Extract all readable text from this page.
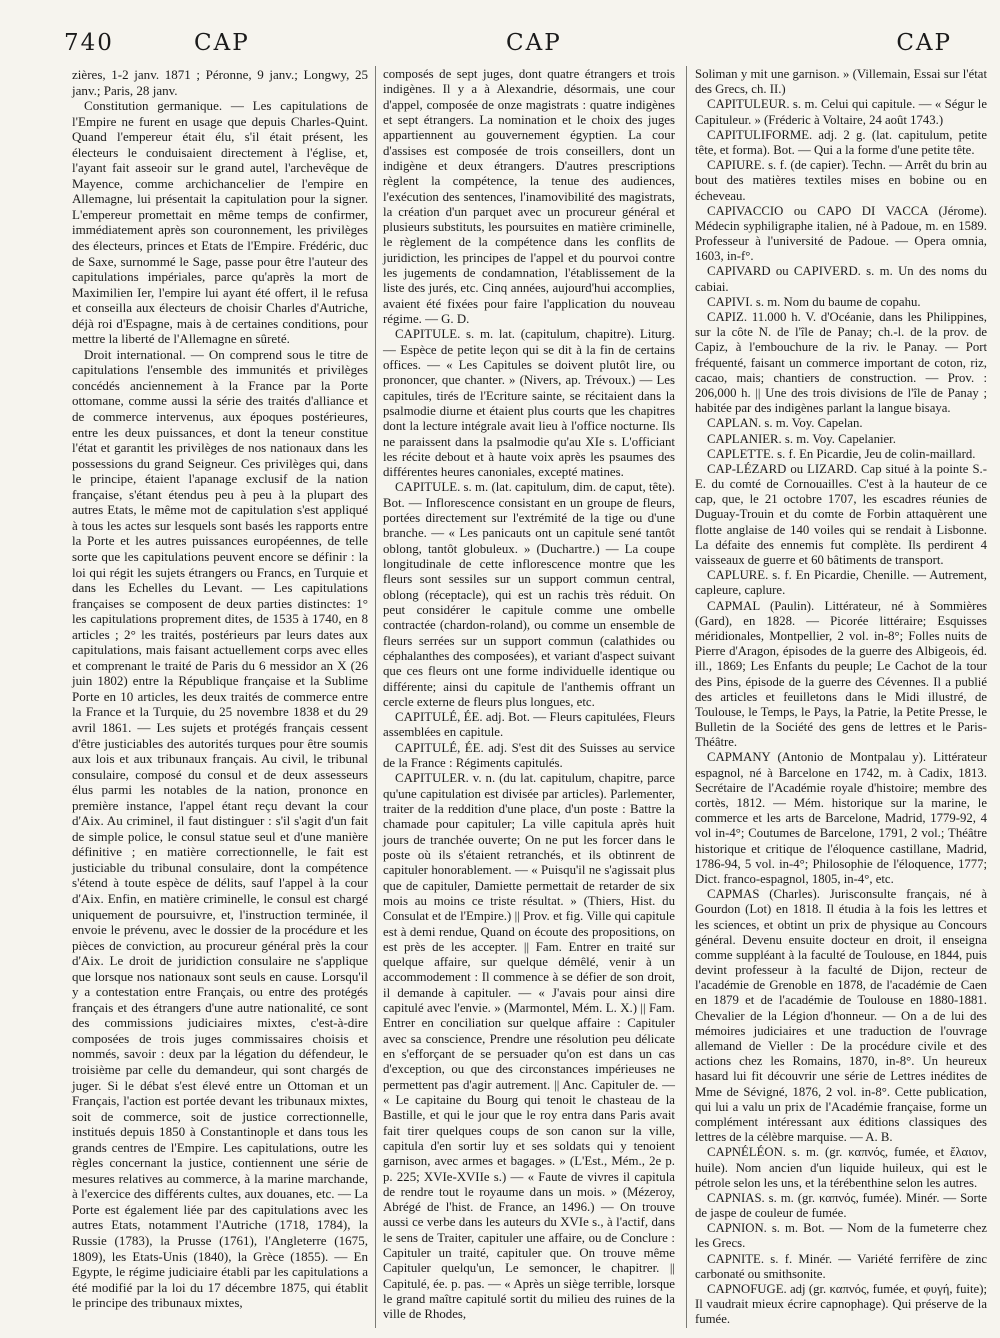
740	CAP	CAP	CAP

zières, 1-2 janv. 1871 ; Péronne, 9 janv.; Longwy, 25 janv.; Paris, 28 janv.

Constitution germanique. — Les capitulations de l'Empire ne furent en usage que depuis Charles-Quint. Quand l'empereur était élu, s'il était présent, les électeurs le conduisaient directement à l'église, et, l'ayant fait asseoir sur le grand autel, l'archevêque de Mayence, comme archichancelier de l'empire en Allemagne, lui présentait la capitulation pour la signer. L'empereur promettait en même temps de confirmer, immédiatement après son couronnement, les privilèges des électeurs, princes et Etats de l'Empire. Frédéric, duc de Saxe, surnommé le Sage, passe pour être l'auteur des capitulations impériales, parce qu'après la mort de Maximilien Ier, l'empire lui ayant été offert, il le refusa et conseilla aux électeurs de choisir Charles d'Autriche, déjà roi d'Espagne, mais à de certaines conditions, pour mettre la liberté de l'Allemagne en sûreté.

Droit international. — On comprend sous le titre de capitulations l'ensemble des immunités et privilèges concédés anciennement à la France par la Porte ottomane, comme aussi la série des traités d'alliance et de commerce intervenus, aux époques postérieures, entre les deux puissances, et dont la teneur constitue l'état et garantit les privilèges de nos nationaux dans les possessions du grand Seigneur. Ces privilèges qui, dans le principe, étaient l'apanage exclusif de la nation française, s'étant étendus peu à peu à la plupart des autres Etats, le même mot de capitulation s'est appliqué à tous les actes sur lesquels sont basés les rapports entre la Porte et les autres puissances européennes, de telle sorte que les capitulations peuvent encore se définir : la loi qui régit les sujets étrangers ou Francs, en Turquie et dans les Echelles du Levant. — Les capitulations françaises se composent de deux parties distinctes: 1° les capitulations proprement dites, de 1535 à 1740, en 8 articles ; 2° les traités, postérieurs par leurs dates aux capitulations, mais faisant actuellement corps avec elles et comprenant le traité de Paris du 6 messidor an X (26 juin 1802) entre la République française et la Sublime Porte en 10 articles, les deux traités de commerce entre la France et la Turquie, du 25 novembre 1838 et du 29 avril 1861. — Les sujets et protégés français cessent d'être justiciables des autorités turques pour être soumis aux lois et aux tribunaux français. Au civil, le tribunal consulaire, composé du consul et de deux assesseurs élus parmi les notables de la nation, prononce en première instance, l'appel étant reçu devant la cour d'Aix. Au criminel, il faut distinguer : s'il s'agit d'un fait de simple police, le consul statue seul et d'une manière définitive ; en matière correctionnelle, le fait est justiciable du tribunal consulaire, dont la compétence s'étend à toute espèce de délits, sauf l'appel à la cour d'Aix. Enfin, en matière criminelle, le consul est chargé uniquement de poursuivre, et, l'instruction terminée, il envoie le prévenu, avec le dossier de la procédure et les pièces de conviction, au procureur général près la cour d'Aix. Le droit de juridiction consulaire ne s'applique que lorsque nos nationaux sont seuls en cause. Lorsqu'il y a contestation entre Français, ou entre des protégés français et des étrangers d'une autre nationalité, ce sont des commissions judiciaires mixtes, c'est-à-dire composées de trois juges commissaires choisis et nommés, savoir : deux par la légation du défendeur, le troisième par celle du demandeur, qui sont chargés de juger. Si le débat s'est élevé entre un Ottoman et un Français, l'action est portée devant les tribunaux mixtes, soit de commerce, soit de justice correctionnelle, institués depuis 1850 à Constantinople et dans tous les grands centres de l'Empire. Les capitulations, outre les règles concernant la justice, contiennent une série de mesures relatives au commerce, à la marine marchande, à l'exercice des différents cultes, aux douanes, etc. — La Porte est également liée par des capitulations avec les autres Etats, notamment l'Autriche (1718, 1784), la Russie (1783), la Prusse (1761), l'Angleterre (1675, 1809), les Etats-Unis (1840), la Grèce (1855). — En Egypte, le régime judiciaire établi par les capitulations a été modifié par la loi du 17 décembre 1875, qui établit le principe des tribunaux mixtes,

composés de sept juges, dont quatre étrangers et trois indigènes. Il y a à Alexandrie, désormais, une cour d'appel, composée de onze magistrats : quatre indigènes et sept étrangers. La nomination et le choix des juges appartiennent au gouvernement égyptien. La cour d'assises est composée de trois conseillers, dont un indigène et deux étrangers. D'autres prescriptions règlent la compétence, la tenue des audiences, l'exécution des sentences, l'inamovibilité des magistrats, la création d'un parquet avec un procureur général et plusieurs substituts, les poursuites en matière criminelle, le règlement de la compétence dans les conflits de juridiction, les principes de l'appel et du pourvoi contre les jugements de condamnation, l'établissement de la liste des jurés, etc. Cinq années, aujourd'hui accomplies, avaient été fixées pour faire l'application du nouveau régime. — G. D.

CAPITULE. s. m. lat. (capitulum, chapitre). Liturg. — Espèce de petite leçon qui se dit à la fin de certains offices. — « Les Capitules se doivent plutôt lire, ou prononcer, que chanter. » (Nivers, ap. Trévoux.) — Les capitules, tirés de l'Ecriture sainte, se récitaient dans la psalmodie diurne et étaient plus courts que les chapitres dont la lecture intégrale avait lieu à l'office nocturne. Ils ne paraissent dans la psalmodie qu'au XIe s. L'officiant les récite debout et à haute voix après les psaumes des différentes heures canoniales, excepté matines.

CAPITULE. s. m. (lat. capitulum, dim. de caput, tête). Bot. — Inflorescence consistant en un groupe de fleurs, portées directement sur l'extrémité de la tige ou d'une branche. — « Les panicauts ont un capitule sené tantôt oblong, tantôt globuleux. » (Duchartre.) — La coupe longitudinale de cette inflorescence montre que les fleurs sont sessiles sur un support commun central, oblong (réceptacle), qui est un rachis très réduit. On peut considérer le capitule comme une ombelle contractée (chardon-roland), ou comme un ensemble de fleurs serrées sur un support commun (calathides ou céphalanthes des composées), et variant d'aspect suivant que ces fleurs ont une forme individuelle identique ou différente; ainsi du capitule de l'anthemis offrant un cercle externe de fleurs plus longues, etc.

CAPITULÉ, ÉE. adj. Bot. — Fleurs capitulées, Fleurs assemblées en capitule.

CAPITULÉ, ÉE. adj. S'est dit des Suisses au service de la France : Régiments capitulés.

CAPITULER. v. n. (du lat. capitulum, chapitre, parce qu'une capitulation est divisée par articles). Parlementer, traiter de la reddition d'une place, d'un poste : Battre la chamade pour capituler; La ville capitula après huit jours de tranchée ouverte; On ne put les forcer dans le poste où ils s'étaient retranchés, et ils obtinrent de capituler honorablement. — « Puisqu'il ne s'agissait plus que de capituler, Damiette permettait de retarder de six mois au moins ce triste résultat. » (Thiers, Hist. du Consulat et de l'Empire.) || Prov. et fig. Ville qui capitule est à demi rendue, Quand on écoute des propositions, on est près de les accepter. || Fam. Entrer en traité sur quelque affaire, sur quelque démêlé, venir à un accommodement : Il commence à se défier de son droit, il demande à capituler. — « J'avais pour ainsi dire capitulé avec l'envie. » (Marmontel, Mém. L. X.) || Fam. Entrer en conciliation sur quelque affaire : Capituler avec sa conscience, Prendre une résolution peu délicate en s'efforçant de se persuader qu'on est dans un cas d'exception, ou que des circonstances impérieuses ne permettent pas d'agir autrement. || Anc. Capituler de. — « Le capitaine du Bourg qui tenoit le chasteau de la Bastille, et qui le jour que le roy entra dans Paris avait fait tirer quelques coups de son canon sur la ville, capitula d'en sortir luy et ses soldats qui y tenoient garnison, avec armes et bagages. » (L'Est., Mém., 2e p. p. 225; XVIe-XVIIe s.) — « Faute de vivres il capitula de rendre tout le royaume dans un mois. » (Mézeroy, Abrégé de l'hist. de France, an 1496.) — On trouve aussi ce verbe dans les auteurs du XVIe s., à l'actif, dans le sens de Traiter, capituler une affaire, ou de Conclure : Capituler un traité, capituler que. On trouve même Capituler quelqu'un, Le semoncer, le chapitrer. || Capitulé, ée. p. pas. — « Après un siège terrible, lorsque le grand maître capitulé sortit du milieu des ruines de la ville de Rhodes,

Soliman y mit une garnison. » (Villemain, Essai sur l'état des Grecs, ch. II.)

CAPITULEUR. s. m. Celui qui capitule. — « Ségur le Capituleur. » (Fréderic à Voltaire, 24 août 1743.)

CAPITULIFORME. adj. 2 g. (lat. capitulum, petite tête, et forma). Bot. — Qui a la forme d'une petite tête.

CAPIURE. s. f. (de capier). Techn. — Arrêt du brin au bout des matières textiles mises en bobine ou en écheveau.

CAPIVACCIO ou CAPO DI VACCA (Jérome). Médecin syphiligraphe italien, né à Padoue, m. en 1589. Professeur à l'université de Padoue. — Opera omnia, 1603, in-f°.

CAPIVARD ou CAPIVERD. s. m. Un des noms du cabiai.

CAPIVI. s. m. Nom du baume de copahu.

CAPIZ. 11.000 h. V. d'Océanie, dans les Philippines, sur la côte N. de l'île de Panay; ch.-l. de la prov. de Capiz, à l'embouchure de la riv. le Panay. — Port fréquenté, faisant un commerce important de coton, riz, cacao, mais; chantiers de construction. — Prov. : 206,000 h. || Une des trois divisions de l'île de Panay ; habitée par des indigènes parlant la langue bisaya.

CAPLAN. s. m. Voy. Capelan.

CAPLANIER. s. m. Voy. Capelanier.

CAPLETTE. s. f. En Picardie, Jeu de colin-maillard.

CAP-LÉZARD ou LIZARD. Cap situé à la pointe S.-E. du comté de Cornouailles. C'est à la hauteur de ce cap, que, le 21 octobre 1707, les escadres réunies de Duguay-Trouin et du comte de Forbin attaquèrent une flotte anglaise de 140 voiles qui se rendait à Lisbonne. La défaite des ennemis fut complète. Ils perdirent 4 vaisseaux de guerre et 60 bâtiments de transport.

CAPLURE. s. f. En Picardie, Chenille. — Autrement, capleure, caplure.

CAPMAL (Paulin). Littérateur, né à Sommières (Gard), en 1828. — Picorée littéraire; Esquisses méridionales, Montpellier, 2 vol. in-8°; Folles nuits de Pierre d'Aragon, épisodes de la guerre des Albigeois, éd. ill., 1869; Les Enfants du peuple; Le Cachot de la tour des Pins, épisode de la guerre des Cévennes. Il a publié des articles et feuilletons dans le Midi illustré, de Toulouse, le Temps, le Pays, la Patrie, la Petite Presse, le Bulletin de la Société des gens de lettres et le Paris-Théâtre.

CAPMANY (Antonio de Montpalau y). Littérateur espagnol, né à Barcelone en 1742, m. à Cadix, 1813. Secrétaire de l'Académie royale d'histoire; membre des cortès, 1812. — Mém. historique sur la marine, le commerce et les arts de Barcelone, Madrid, 1779-92, 4 vol in-4°; Coutumes de Barcelone, 1791, 2 vol.; Théâtre historique et critique de l'éloquence castillane, Madrid, 1786-94, 5 vol. in-4°; Philosophie de l'éloquence, 1777; Dict. franco-espagnol, 1805, in-4°, etc.

CAPMAS (Charles). Jurisconsulte français, né à Gourdon (Lot) en 1818. Il étudia à la fois les lettres et les sciences, et obtint un prix de physique au Concours général. Devenu ensuite docteur en droit, il enseigna comme suppléant à la faculté de Toulouse, en 1844, puis devint professeur à la faculté de Dijon, recteur de l'académie de Grenoble en 1878, de l'académie de Caen en 1879 et de l'académie de Toulouse en 1880-1881. Chevalier de la Légion d'honneur. — On a de lui des mémoires judiciaires et une traduction de l'ouvrage allemand de Vieller : De la procédure civile et des actions chez les Romains, 1870, in-8°. Un heureux hasard lui fit découvrir une série de Lettres inédites de Mme de Sévigné, 1876, 2 vol. in-8°. Cette publication, qui lui a valu un prix de l'Académie française, forme un complément intéressant aux éditions classiques des lettres de la célèbre marquise. — A. B.

CAPNÉLÉON. s. m. (gr. καπνός, fumée, et ἔλαιον, huile). Nom ancien d'un liquide huileux, qui est le pétrole selon les uns, et la térébenthine selon les autres.

CAPNIAS. s. m. (gr. καπνός, fumée). Minér. — Sorte de jaspe de couleur de fumée.

CAPNION. s. m. Bot. — Nom de la fumeterre chez les Grecs.

CAPNITE. s. f. Minér. — Variété ferrifère de zinc carbonaté ou smithsonite.

CAPNOFUGE. adj (gr. καπνός, fumée, et φυγή, fuite); Il vaudrait mieux écrire capnophage). Qui préserve de la fumée.
